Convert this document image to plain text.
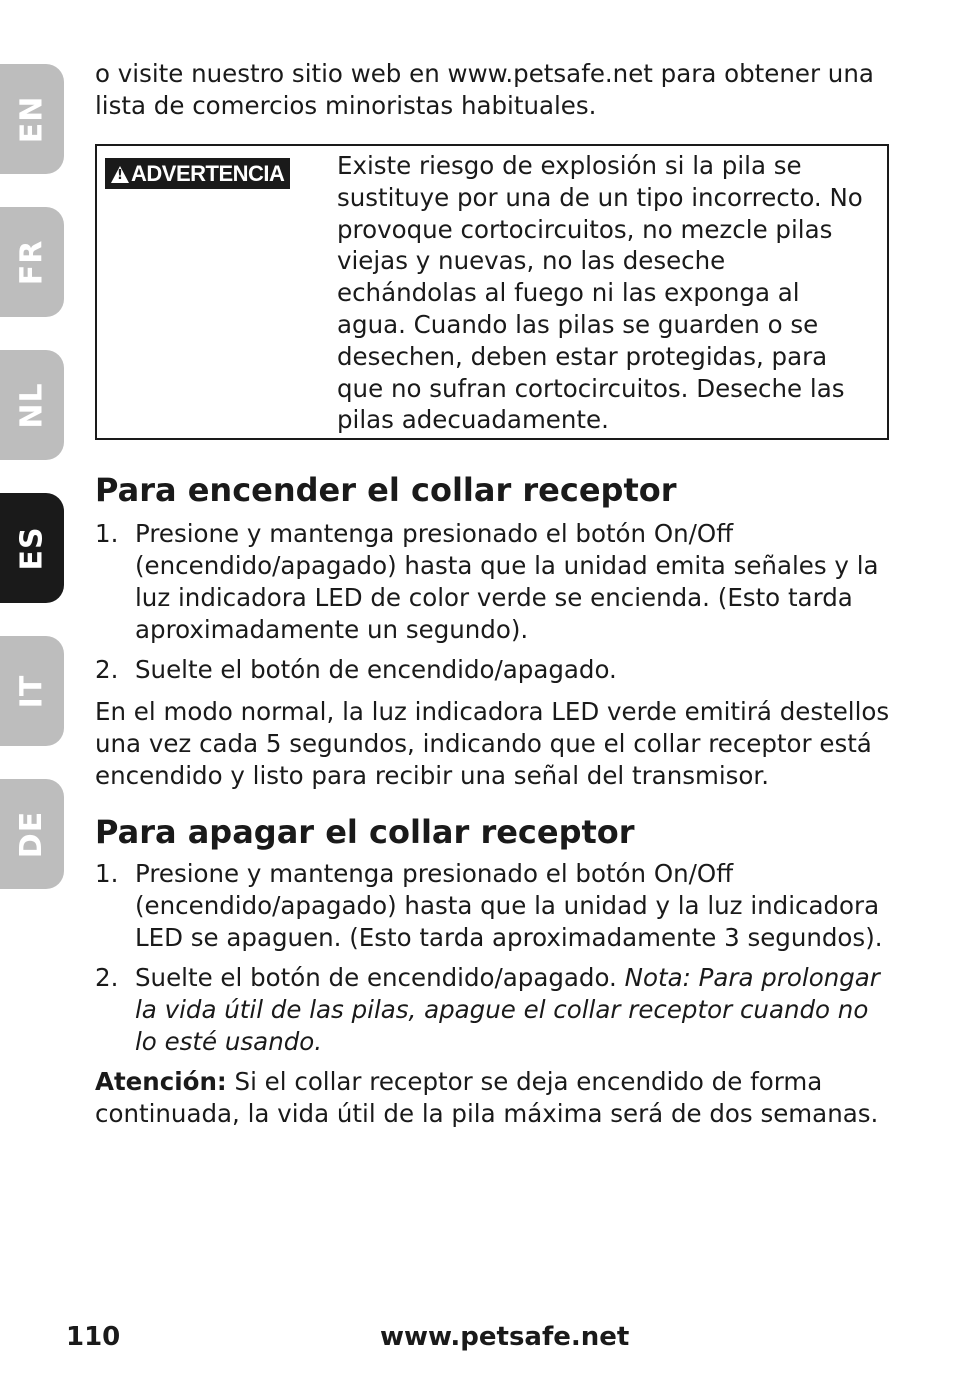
EN
FR
NL
ES
IT
DE

o visite nuestro sitio web en www.petsafe.net para obtener una lista de comercios minoristas habituales.

!
ADVERTENCIA Existe riesgo de explosión si la pila se sustituye por una de un tipo incorrecto. No provoque cortocircuitos, no mezcle pilas viejas y nuevas, no las deseche echándolas al fuego ni las exponga al agua. Cuando las pilas se guarden o se desechen, deben estar protegidas, para que no sufran cortocircuitos. Deseche las pilas adecuadamente.
Para encender el collar receptor
1. Presione y mantenga presionado el botón On/Off (encendido/apagado) hasta que la unidad emita señales y la luz indicadora LED de color verde se encienda. (Esto tarda aproximadamente un segundo).
2. Suelte el botón de encendido/apagado.

En el modo normal, la luz indicadora LED verde emitirá destellos una vez cada 5 segundos, indicando que el collar receptor está encendido y listo para recibir una señal del transmisor.

Para apagar el collar receptor
1. Presione y mantenga presionado el botón On/Off (encendido/apagado) hasta que la unidad y la luz indicadora LED se apaguen. (Esto tarda aproximadamente 3 segundos).
2. Suelte el botón de encendido/apagado. Nota: Para prolongar la vida útil de las pilas, apague el collar receptor cuando no lo esté usando.

Atención: Si el collar receptor se deja encendido de forma continuada, la vida útil de la pila máxima será de dos semanas.

110	www.petsafe.net
